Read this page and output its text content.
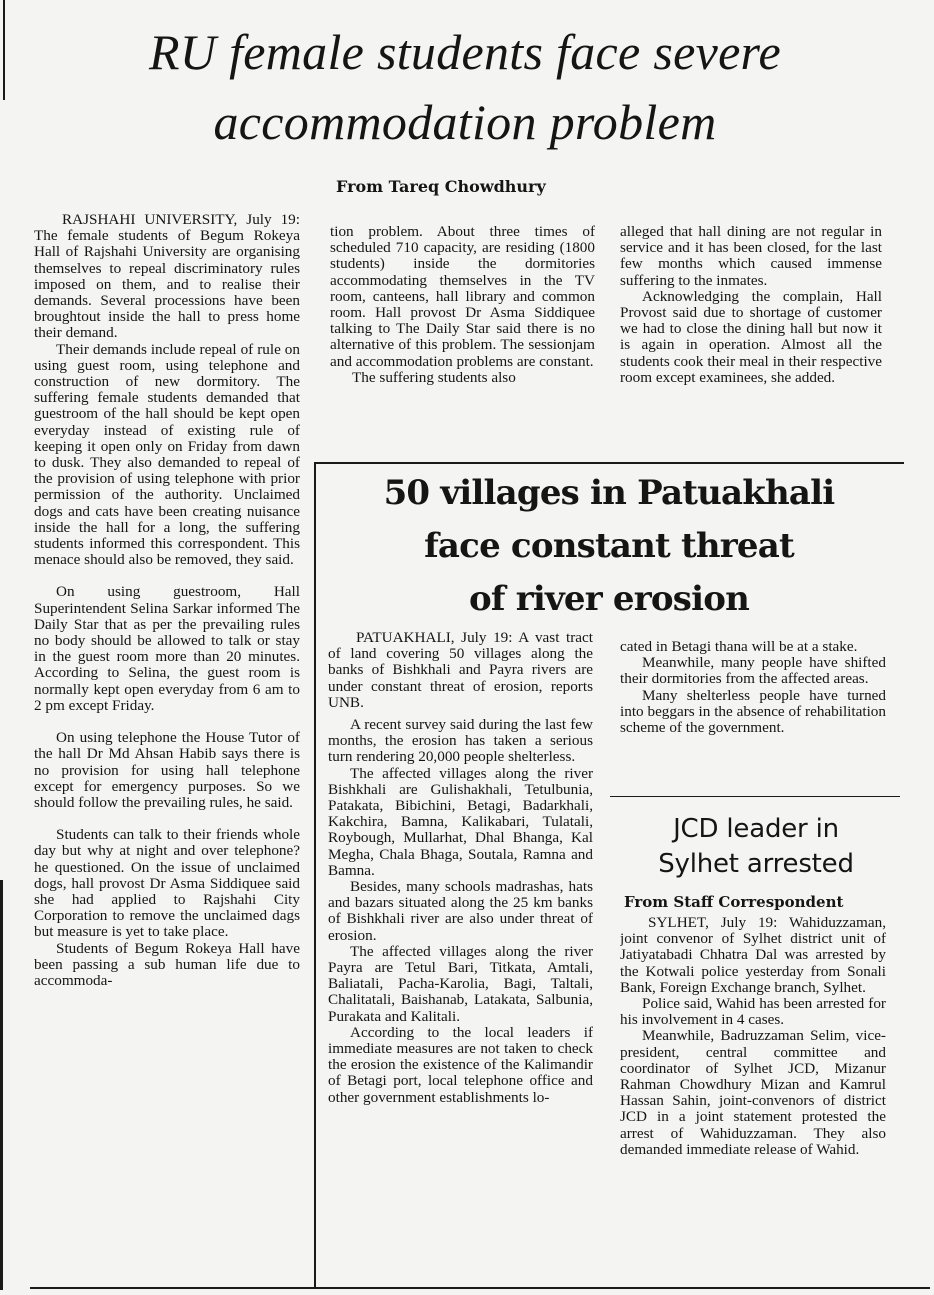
RU female students face severe

accommodation problem

From Tareq Chowdhury

RAJSHAHI UNIVERSITY, July 19: The female students of Begum Rokeya Hall of Rajshahi University are organising themselves to repeal discriminatory rules imposed on them, and to realise their demands. Several processions have been broughtout inside the hall to press home their demand.

Their demands include repeal of rule on using guest room, using telephone and construction of new dormitory. The suffering female students demanded that guestroom of the hall should be kept open everyday instead of existing rule of keeping it open only on Friday from dawn to dusk. They also demanded to repeal of the provision of using telephone with prior permission of the authority. Unclaimed dogs and cats have been creating nuisance inside the hall for a long, the suffering students informed this correspondent. This menace should also be removed, they said.

On using guestroom, Hall Superintendent Selina Sarkar informed The Daily Star that as per the prevailing rules no body should be allowed to talk or stay in the guest room more than 20 minutes. According to Selina, the guest room is normally kept open everyday from 6 am to 2 pm except Friday.

On using telephone the House Tutor of the hall Dr Md Ahsan Habib says there is no provision for using hall telephone except for emergency purposes. So we should follow the prevailing rules, he said.

Students can talk to their friends whole day but why at night and over telephone? he questioned. On the issue of unclaimed dogs, hall provost Dr Asma Siddiquee said she had applied to Rajshahi City Corporation to remove the unclaimed dags but measure is yet to take place.

Students of Begum Rokeya Hall have been passing a sub human life due to accommoda-

tion problem. About three times of scheduled 710 capacity, are residing (1800 students) inside the dormitories accommodating themselves in the TV room, canteens, hall library and common room. Hall provost Dr Asma Siddiquee talking to The Daily Star said there is no alternative of this problem. The sessionjam and accommodation problems are constant.

The suffering students also

alleged that hall dining are not regular in service and it has been closed, for the last few months which caused immense suffering to the inmates.

Acknowledging the complain, Hall Provost said due to shortage of customer we had to close the dining hall but now it is again in operation. Almost all the students cook their meal in their respective room except examinees, she added.

50 villages in Patuakhali

face constant threat

of river erosion

PATUAKHALI, July 19: A vast tract of land covering 50 villages along the banks of Bishkhali and Payra rivers are under constant threat of erosion, reports UNB.

A recent survey said during the last few months, the erosion has taken a serious turn rendering 20,000 people shelterless.

The affected villages along the river Bishkhali are Gulishakhali, Tetulbunia, Patakata, Bibichini, Betagi, Badarkhali, Kakchira, Bamna, Kalikabari, Tulatali, Roybough, Mullarhat, Dhal Bhanga, Kal Megha, Chala Bhaga, Soutala, Ramna and Bamna.

Besides, many schools madrashas, hats and bazars situated along the 25 km banks of Bishkhali river are also under threat of erosion.

The affected villages along the river Payra are Tetul Bari, Titkata, Amtali, Baliatali, Pacha-Karolia, Bagi, Taltali, Chalitatali, Baishanab, Latakata, Salbunia, Purakata and Kalitali.

According to the local leaders if immediate measures are not taken to check the erosion the existence of the Kalimandir of Betagi port, local telephone office and other government establishments lo-

cated in Betagi thana will be at a stake.

Meanwhile, many people have shifted their dormitories from the affected areas.

Many shelterless people have turned into beggars in the absence of rehabilitation scheme of the government.

JCD leader in

Sylhet arrested

From Staff Correspondent

SYLHET, July 19: Wahiduzzaman, joint convenor of Sylhet district unit of Jatiyatabadi Chhatra Dal was arrested by the Kotwali police yesterday from Sonali Bank, Foreign Exchange branch, Sylhet.

Police said, Wahid has been arrested for his involvement in 4 cases.

Meanwhile, Badruzzaman Selim, vice-president, central committee and coordinator of Sylhet JCD, Mizanur Rahman Chowdhury Mizan and Kamrul Hassan Sahin, joint-convenors of district JCD in a joint statement protested the arrest of Wahiduzzaman. They also demanded immediate release of Wahid.
